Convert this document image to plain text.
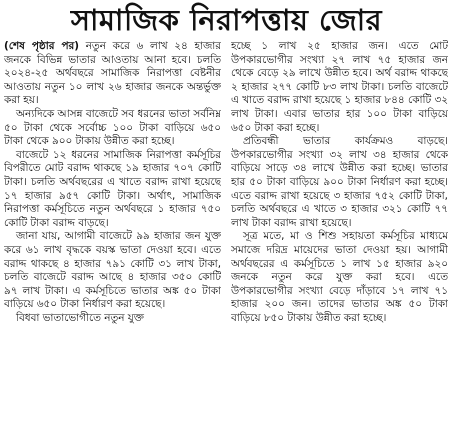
সামাজিক নিরাপত্তায় জোর

(শেষ পৃষ্ঠার পর) নতুন করে ৬ লাখ ২৪ হাজার জনকে বিভিন্ন ভাতার আওতায় আনা হবে। চলতি ২০২৪-২৫ অর্থবছরে সামাজিক নিরাপত্তা বেষ্টনীর আওতায় নতুন ১০ লাখ ২৬ হাজার জনকে অন্তর্ভুক্ত করা হয়।

অন্যদিকে আসন্ন বাজেটে সব ধরনের ভাতা সর্বনিম্ন ৫০ টাকা থেকে সর্বোচ্চ ১০০ টাকা বাড়িয়ে ৬৫০ টাকা থেকে ৯০০ টাকায় উন্নীত করা হচ্ছে।

বাজেটে ১২ ধরনের সামাজিক নিরাপত্তা কর্মসূচির বিপরীতে মোট বরাদ্দ থাকছে ১৯ হাজার ৭০৭ কোটি টাকা। চলতি অর্থবছরের এ খাতে বরাদ্দ রাখা হয়েছে ১৭ হাজার ৯৫৭ কোটি টাকা। অর্থাৎ, সামাজিক নিরাপত্তা কর্মসূচিতে নতুন অর্থবছরে ১ হাজার ৭৫০ কোটি টাকা বরাদ্দ বাড়ছে।

জানা যায়, আগামী বাজেটে ৯৯ হাজার জন যুক্ত করে ৬১ লাখ বৃদ্ধকে বয়স্ক ভাতা দেওয়া হবে। এতে বরাদ্দ থাকছে ৪ হাজার ৭৯১ কোটি ৩১ লাখ টাকা, চলতি বাজেটে বরাদ্দ আছে ৪ হাজার ৩৫০ কোটি ৯৭ লাখ টাকা। এ কর্মসূচিতে ভাতার অঙ্ক ৫০ টাকা বাড়িয়ে ৬৫০ টাকা নির্ধারণ করা হয়েছে।

বিধবা ভাতাভোগীতে নতুন যুক্ত

হচ্ছে ১ লাখ ২৫ হাজার জন। এতে মোট উপকারভোগীর সংখ্যা ২৭ লাখ ৭৫ হাজার জন থেকে বেড়ে ২৯ লাখে উন্নীত হবে। অর্থ বরাদ্দ থাকছে ২ হাজার ২৭৭ কোটি ৮৩ লাখ টাকা। চলতি বাজেটে এ খাতে বরাদ্দ রাখা হয়েছে ১ হাজার ৮৪৪ কোটি ৩২ লাখ টাকা। এবার ভাতার হার ১০০ টাকা বাড়িয়ে ৬৫০ টাকা করা হচ্ছে।

প্রতিবন্ধী ভাতার কার্যক্রমও বাড়ছে। উপকারভোগীর সংখ্যা ৩২ লাখ ৩৪ হাজার থেকে বাড়িয়ে সাড়ে ৩৪ লাখে উন্নীত করা হচ্ছে। ভাতার হার ৫০ টাকা বাড়িয়ে ৯০০ টাকা নির্ধারণ করা হচ্ছে। এতে বরাদ্দ রাখা হয়েছে ৩ হাজার ৭৫২ কোটি টাকা, চলতি অর্থবছরে এ খাতে ৩ হাজার ৩২১ কোটি ৭৭ লাখ টাকা বরাদ্দ রাখা হয়েছে।

সূত্র মতে, মা ও শিশু সহায়তা কর্মসূচির মাধ্যমে সমাজে দরিদ্র মায়েদের ভাতা দেওয়া হয়। আগামী অর্থবছরের এ কর্মসূচিতে ১ লাখ ১৫ হাজার ৯২০ জনকে নতুন করে যুক্ত করা হবে। এতে উপকারভোগীর সংখ্যা বেড়ে দাঁড়াবে ১৭ লাখ ৭১ হাজার ২০০ জন। তাদের ভাতার অঙ্ক ৫০ টাকা বাড়িয়ে ৮৫০ টাকায় উন্নীত করা হচ্ছে।
